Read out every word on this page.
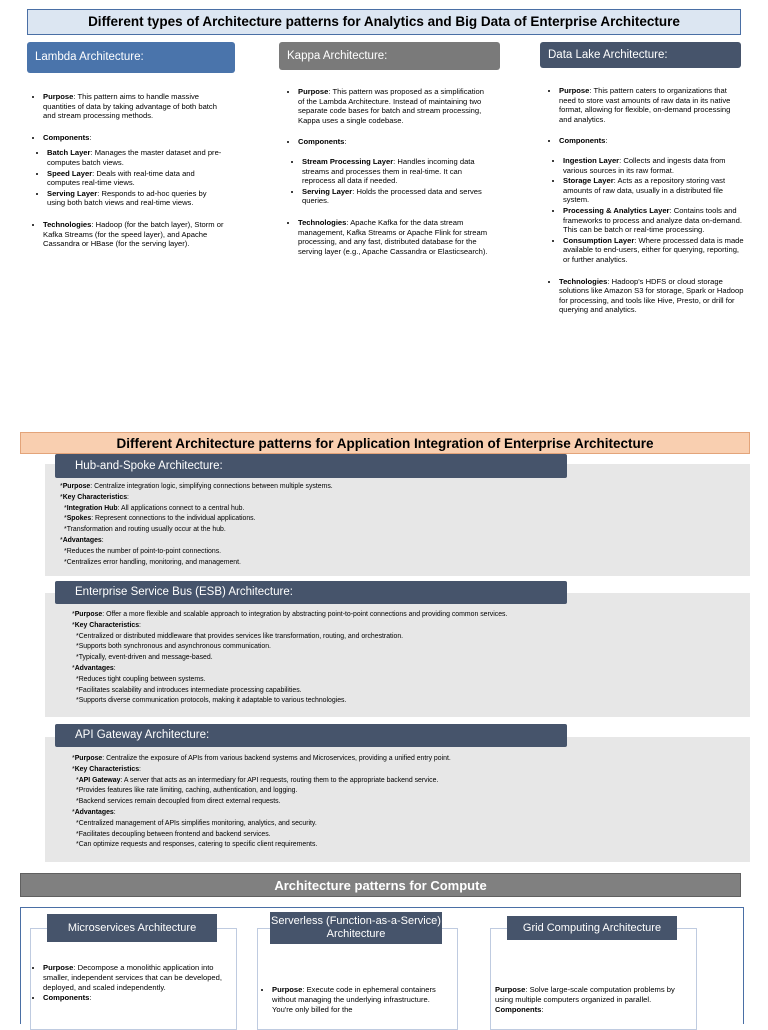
Different types of Architecture patterns for Analytics and Big Data of Enterprise Architecture
Lambda Architecture:	Kappa Architecture:	Data Lake Architecture:
• Purpose: This pattern aims to handle massive quantities of data by taking advantage of both batch and stream processing methods.
• Components:
• Batch Layer: Manages the master dataset and pre-computes batch views.
• Speed Layer: Deals with real-time data and computes real-time views.
• Serving Layer: Responds to ad-hoc queries by using both batch views and real-time views.
• Technologies: Hadoop (for the batch layer), Storm or Kafka Streams (for the speed layer), and Apache Cassandra or HBase (for the serving layer).
• Purpose: This pattern was proposed as a simplification of the Lambda Architecture. Instead of maintaining two separate code bases for batch and stream processing, Kappa uses a single codebase.
• Components:
• Stream Processing Layer: Handles incoming data streams and processes them in real-time. It can reprocess all data if needed.
• Serving Layer: Holds the processed data and serves queries.
• Technologies: Apache Kafka for the data stream management, Kafka Streams or Apache Flink for stream processing, and any fast, distributed database for the serving layer (e.g., Apache Cassandra or Elasticsearch).
• Purpose: This pattern caters to organizations that need to store vast amounts of raw data in its native format, allowing for flexible, on-demand processing and analytics.
• Components:
• Ingestion Layer: Collects and ingests data from various sources in its raw format.
• Storage Layer: Acts as a repository storing vast amounts of raw data, usually in a distributed file system.
• Processing & Analytics Layer: Contains tools and frameworks to process and analyze data on-demand. This can be batch or real-time processing.
• Consumption Layer: Where processed data is made available to end-users, either for querying, reporting, or further analytics.
• Technologies: Hadoop's HDFS or cloud storage solutions like Amazon S3 for storage, Spark or Hadoop for processing, and tools like Hive, Presto, or drill for querying and analytics.
Different Architecture patterns for Application Integration of Enterprise Architecture
Hub-and-Spoke Architecture:
*Purpose: Centralize integration logic, simplifying connections between multiple systems.
*Key Characteristics:
*Integration Hub: All applications connect to a central hub.
*Spokes: Represent connections to the individual applications.
*Transformation and routing usually occur at the hub.
*Advantages:
*Reduces the number of point-to-point connections.
*Centralizes error handling, monitoring, and management.
Enterprise Service Bus (ESB) Architecture:
*Purpose: Offer a more flexible and scalable approach to integration by abstracting point-to-point connections and providing common services.
*Key Characteristics:
*Centralized or distributed middleware that provides services like transformation, routing, and orchestration.
*Supports both synchronous and asynchronous communication.
*Typically, event-driven and message-based.
*Advantages:
*Reduces tight coupling between systems.
*Facilitates scalability and introduces intermediate processing capabilities.
*Supports diverse communication protocols, making it adaptable to various technologies.
API Gateway Architecture:
*Purpose: Centralize the exposure of APIs from various backend systems and Microservices, providing a unified entry point.
*Key Characteristics:
*API Gateway: A server that acts as an intermediary for API requests, routing them to the appropriate backend service.
*Provides features like rate limiting, caching, authentication, and logging.
*Backend services remain decoupled from direct external requests.
*Advantages:
*Centralized management of APIs simplifies monitoring, analytics, and security.
*Facilitates decoupling between frontend and backend services.
*Can optimize requests and responses, catering to specific client requirements.
Architecture patterns for Compute
Microservices Architecture
• Purpose: Decompose a monolithic application into smaller, independent services that can be developed, deployed, and scaled independently.
• Components:
Serverless (Function-as-a-Service) Architecture
• Purpose: Execute code in ephemeral containers without managing the underlying infrastructure. You're only billed for the
Grid Computing Architecture
Purpose: Solve large-scale computation problems by using multiple computers organized in parallel.
Components:
